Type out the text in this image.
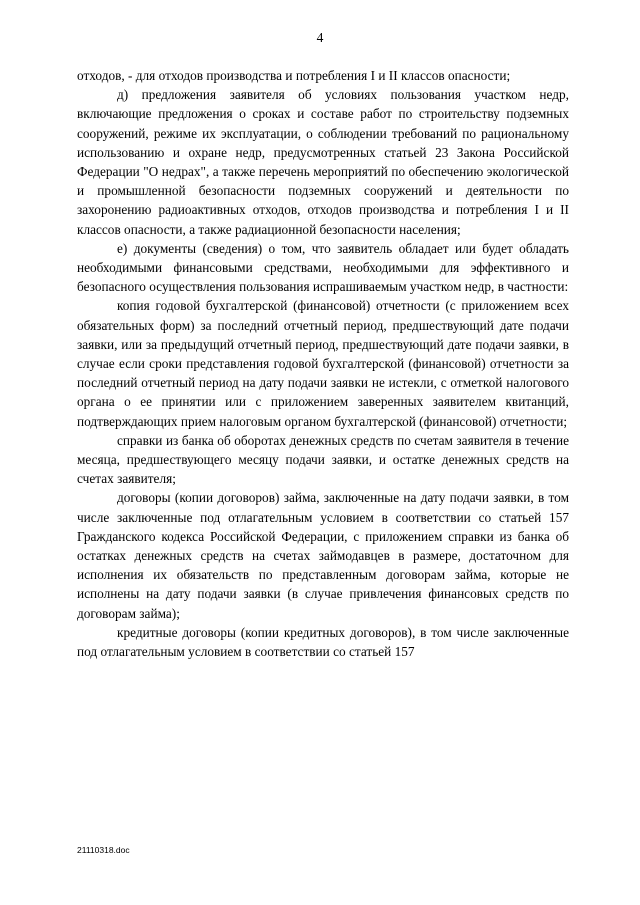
4

отходов, - для отходов производства и потребления I и II классов опасности;

д) предложения заявителя об условиях пользования участком недр, включающие предложения о сроках и составе работ по строительству подземных сооружений, режиме их эксплуатации, о соблюдении требований по рациональному использованию и охране недр, предусмотренных статьей 23 Закона Российской Федерации "О недрах", а также перечень мероприятий по обеспечению экологической и промышленной безопасности подземных сооружений и деятельности по захоронению радиоактивных отходов, отходов производства и потребления I и II классов опасности, а также радиационной безопасности населения;

е) документы (сведения) о том, что заявитель обладает или будет обладать необходимыми финансовыми средствами, необходимыми для эффективного и безопасного осуществления пользования испрашиваемым участком недр, в частности:

копия годовой бухгалтерской (финансовой) отчетности (с приложением всех обязательных форм) за последний отчетный период, предшествующий дате подачи заявки, или за предыдущий отчетный период, предшествующий дате подачи заявки, в случае если сроки представления годовой бухгалтерской (финансовой) отчетности за последний отчетный период на дату подачи заявки не истекли, с отметкой налогового органа о ее принятии или с приложением заверенных заявителем квитанций, подтверждающих прием налоговым органом бухгалтерской (финансовой) отчетности;

справки из банка об оборотах денежных средств по счетам заявителя в течение месяца, предшествующего месяцу подачи заявки, и остатке денежных средств на счетах заявителя;

договоры (копии договоров) займа, заключенные на дату подачи заявки, в том числе заключенные под отлагательным условием в соответствии со статьей 157 Гражданского кодекса Российской Федерации, с приложением справки из банка об остатках денежных средств на счетах займодавцев в размере, достаточном для исполнения их обязательств по представленным договорам займа, которые не исполнены на дату подачи заявки (в случае привлечения финансовых средств по договорам займа);

кредитные договоры (копии кредитных договоров), в том числе заключенные под отлагательным условием в соответствии со статьей 157

21110318.doc
